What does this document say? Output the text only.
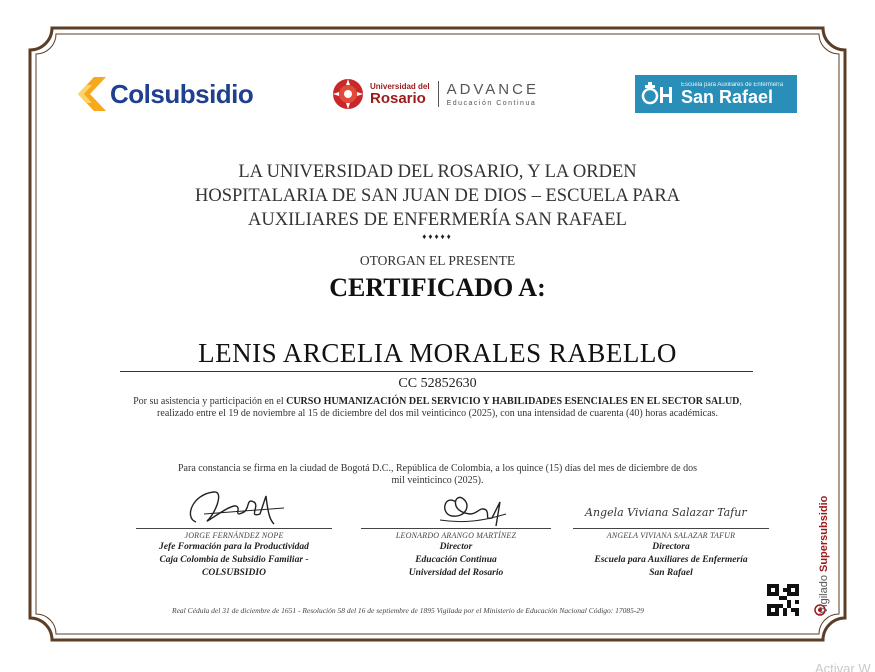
Colsubsidio	Universidad del
Rosario
ADVANCE
Educación Continua
Escuela para Auxiliares de Enfermería
San Rafael
LA UNIVERSIDAD DEL ROSARIO, Y LA ORDEN
HOSPITALARIA DE SAN JUAN DE DIOS – ESCUELA PARA
AUXILIARES DE ENFERMERÍA SAN RAFAEL
♦♦♦♦♦
OTORGAN EL PRESENTE
CERTIFICADO A:
LENIS ARCELIA MORALES RABELLO
CC 52852630
Por su asistencia y participación en el CURSO HUMANIZACIÓN DEL SERVICIO Y HABILIDADES ESENCIALES EN EL SECTOR SALUD, realizado entre el 19 de noviembre al 15 de diciembre del dos mil veinticinco (2025), con una intensidad de cuarenta (40) horas académicas.
Para constancia se firma en la ciudad de Bogotá D.C., República de Colombia, a los quince (15) días del mes de diciembre de dos mil veinticinco (2025).
JORGE FERNÁNDEZ NOPE
Jefe Formación para la Productividad
Caja Colombia de Subsidio Familiar -
COLSUBSIDIO
LEONARDO ARANGO MARTÍNEZ
Director
Educación Continua
Universidad del Rosario
Angela Viviana Salazar Tafur
ANGELA VIVIANA SALAZAR TAFUR
Directora
Escuela para Auxiliares de Enfermería
San Rafael
Real Cédula del 31 de diciembre de 1651 - Resolución 58 del 16 de septiembre de 1895 Vigilada por el Ministerio de Educación Nacional Código: 17085-29	Vigilado Supersubsidio
Activar W
